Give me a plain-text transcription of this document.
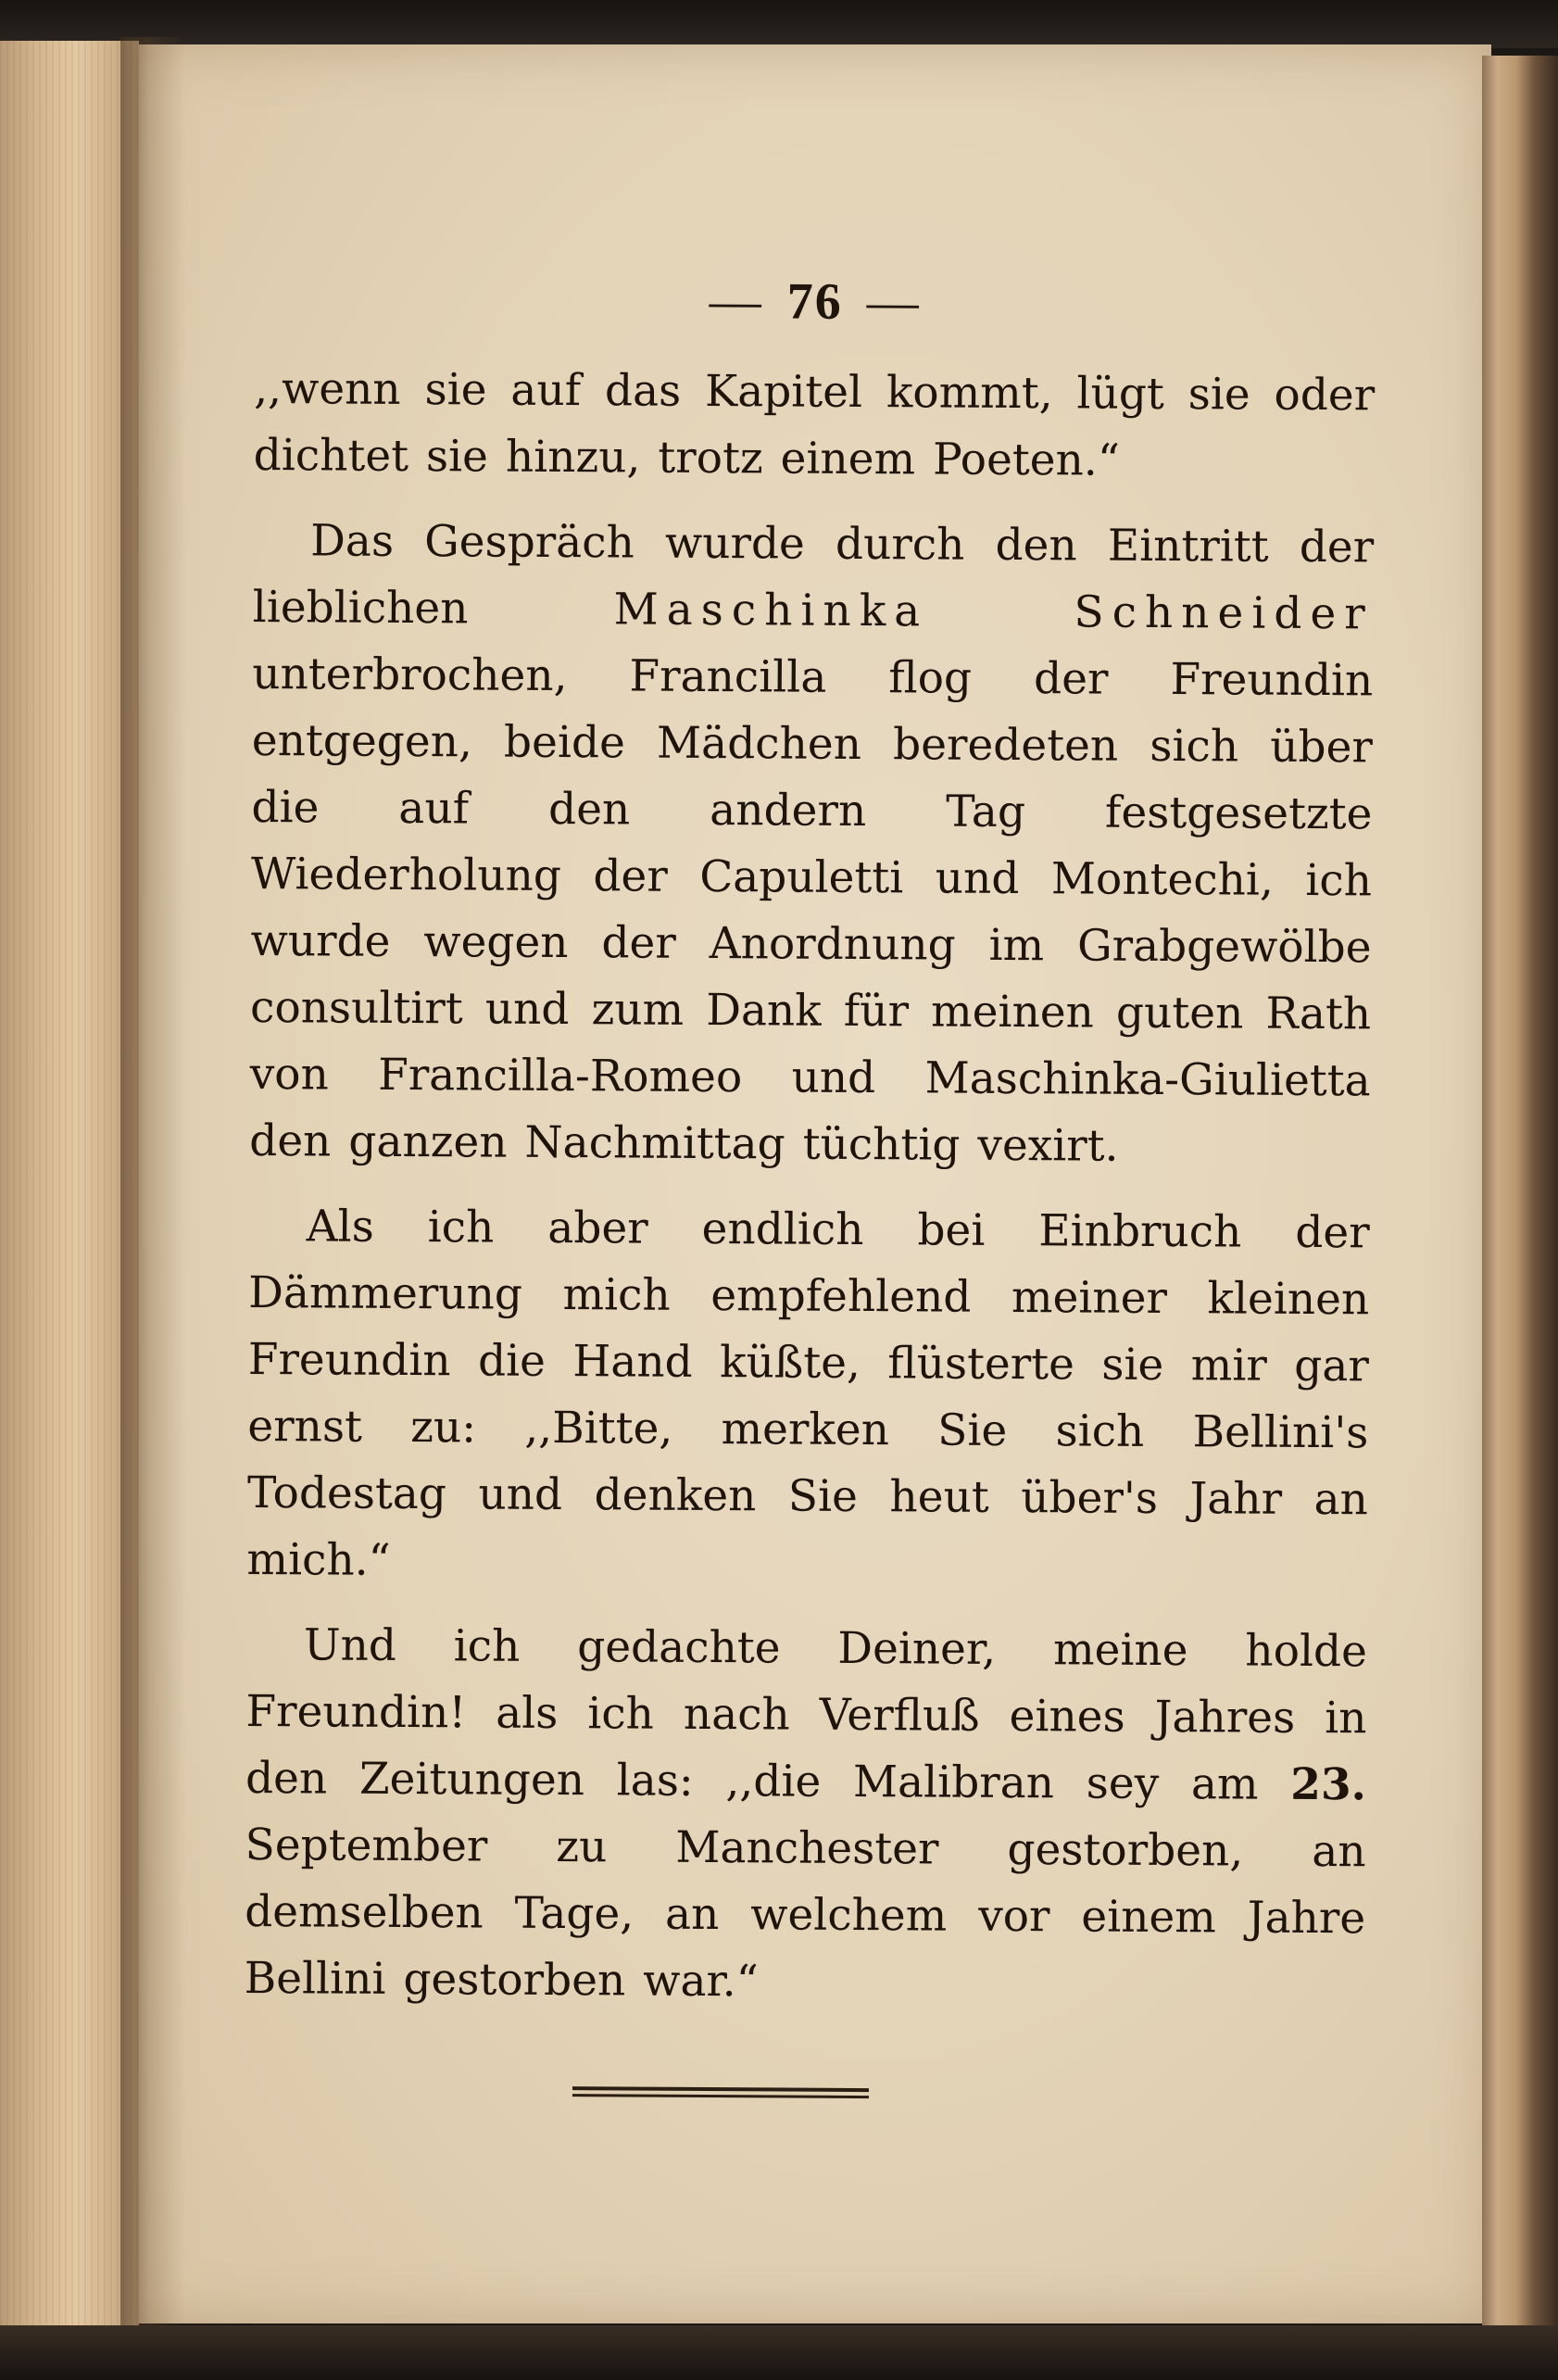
— 76 —

,,wenn sie auf das Kapitel kommt, lügt sie oder dichtet sie hinzu, trotz einem Poeten.“

Das Gespräch wurde durch den Eintritt der lieblichen Maschinka	Schneider unterbrochen, Francilla flog der Freundin entgegen, beide Mädchen beredeten sich über die auf den andern Tag festgesetzte Wiederholung der Capuletti und Montechi, ich wurde wegen der Anordnung im Grabgewölbe consultirt und zum Dank für meinen guten Rath von Francilla-Romeo und Maschinka-Giulietta den ganzen Nachmittag tüchtig vexirt.

Als ich aber endlich bei Einbruch der Dämmerung mich empfehlend meiner kleinen Freundin die Hand küßte, flüsterte sie mir gar ernst zu: ,,Bitte, merken Sie sich Bellini's Todestag und denken Sie heut über's Jahr an mich.“

Und ich gedachte Deiner, meine holde Freundin! als ich nach Verfluß eines Jahres in den Zeitungen las: ,,die Malibran sey am 23. September zu Manchester gestorben, an demselben Tage, an welchem vor einem Jahre Bellini gestorben war.“
